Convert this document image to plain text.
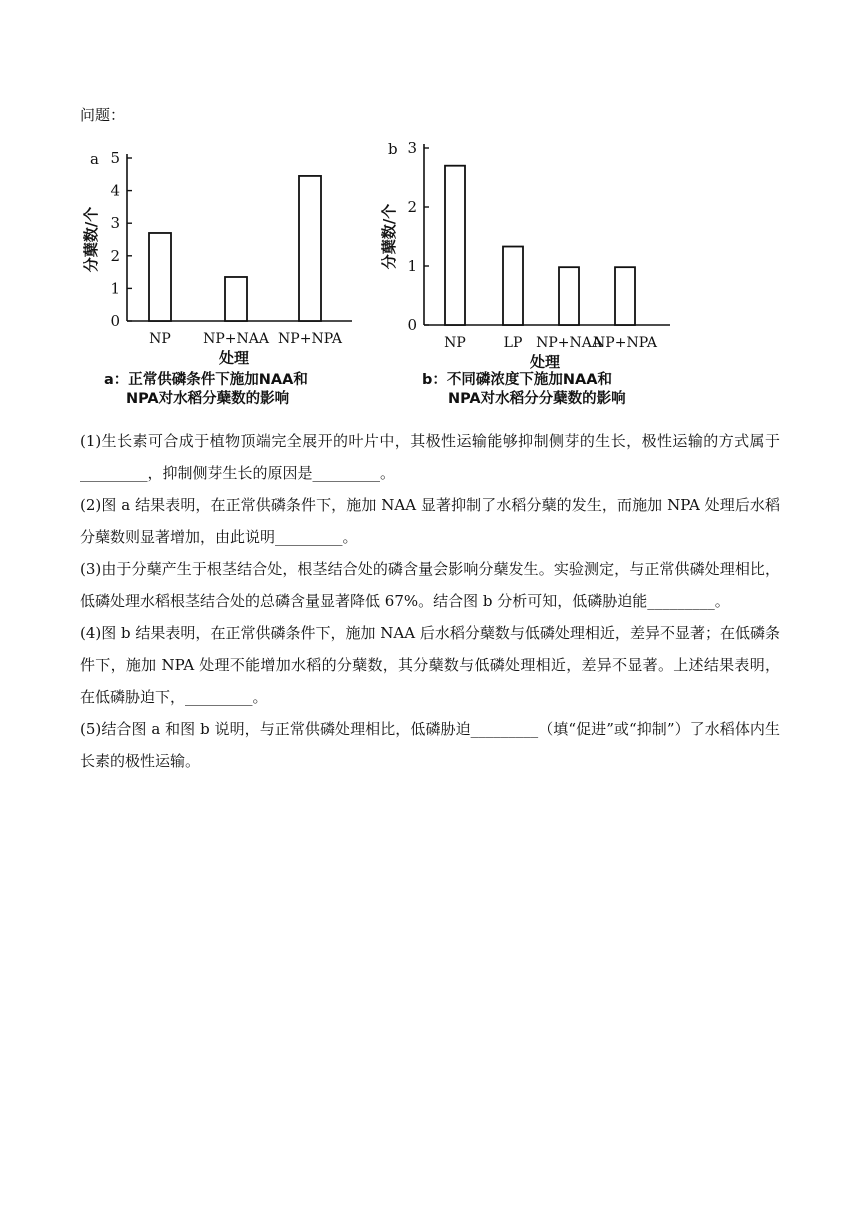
问题：
a
0
1
2
3
4
5
分蘖数/个
NP NP+NAA NP+NPA
处理
a：正常供磷条件下施加NAA和
NPA对水稻分蘖数的影响
b
0
1
2
3
分蘖数/个
NP	LP NP+NAA
NP+NPA
处理
b：不同磷浓度下施加NAA和
NPA对水稻分分蘖数的影响

(1)生长素可合成于植物顶端完全展开的叶片中，其极性运输能够抑制侧芽的生长，极性运输的方式属于_________，抑制侧芽生长的原因是_________。

(2)图 a 结果表明，在正常供磷条件下，施加 NAA 显著抑制了水稻分蘖的发生，而施加 NPA 处理后水稻分蘖数则显著增加，由此说明_________。

(3)由于分蘖产生于根茎结合处，根茎结合处的磷含量会影响分蘖发生。实验测定，与正常供磷处理相比，低磷处理水稻根茎结合处的总磷含量显著降低 67%。结合图 b 分析可知，低磷胁迫能_________。

(4)图 b 结果表明，在正常供磷条件下，施加 NAA 后水稻分蘖数与低磷处理相近，差异不显著；在低磷条件下，施加 NPA 处理不能增加水稻的分蘖数，其分蘖数与低磷处理相近，差异不显著。上述结果表明，在低磷胁迫下，_________。

(5)结合图 a 和图 b 说明，与正常供磷处理相比，低磷胁迫_________（填“促进”或“抑制”）了水稻体内生长素的极性运输。
